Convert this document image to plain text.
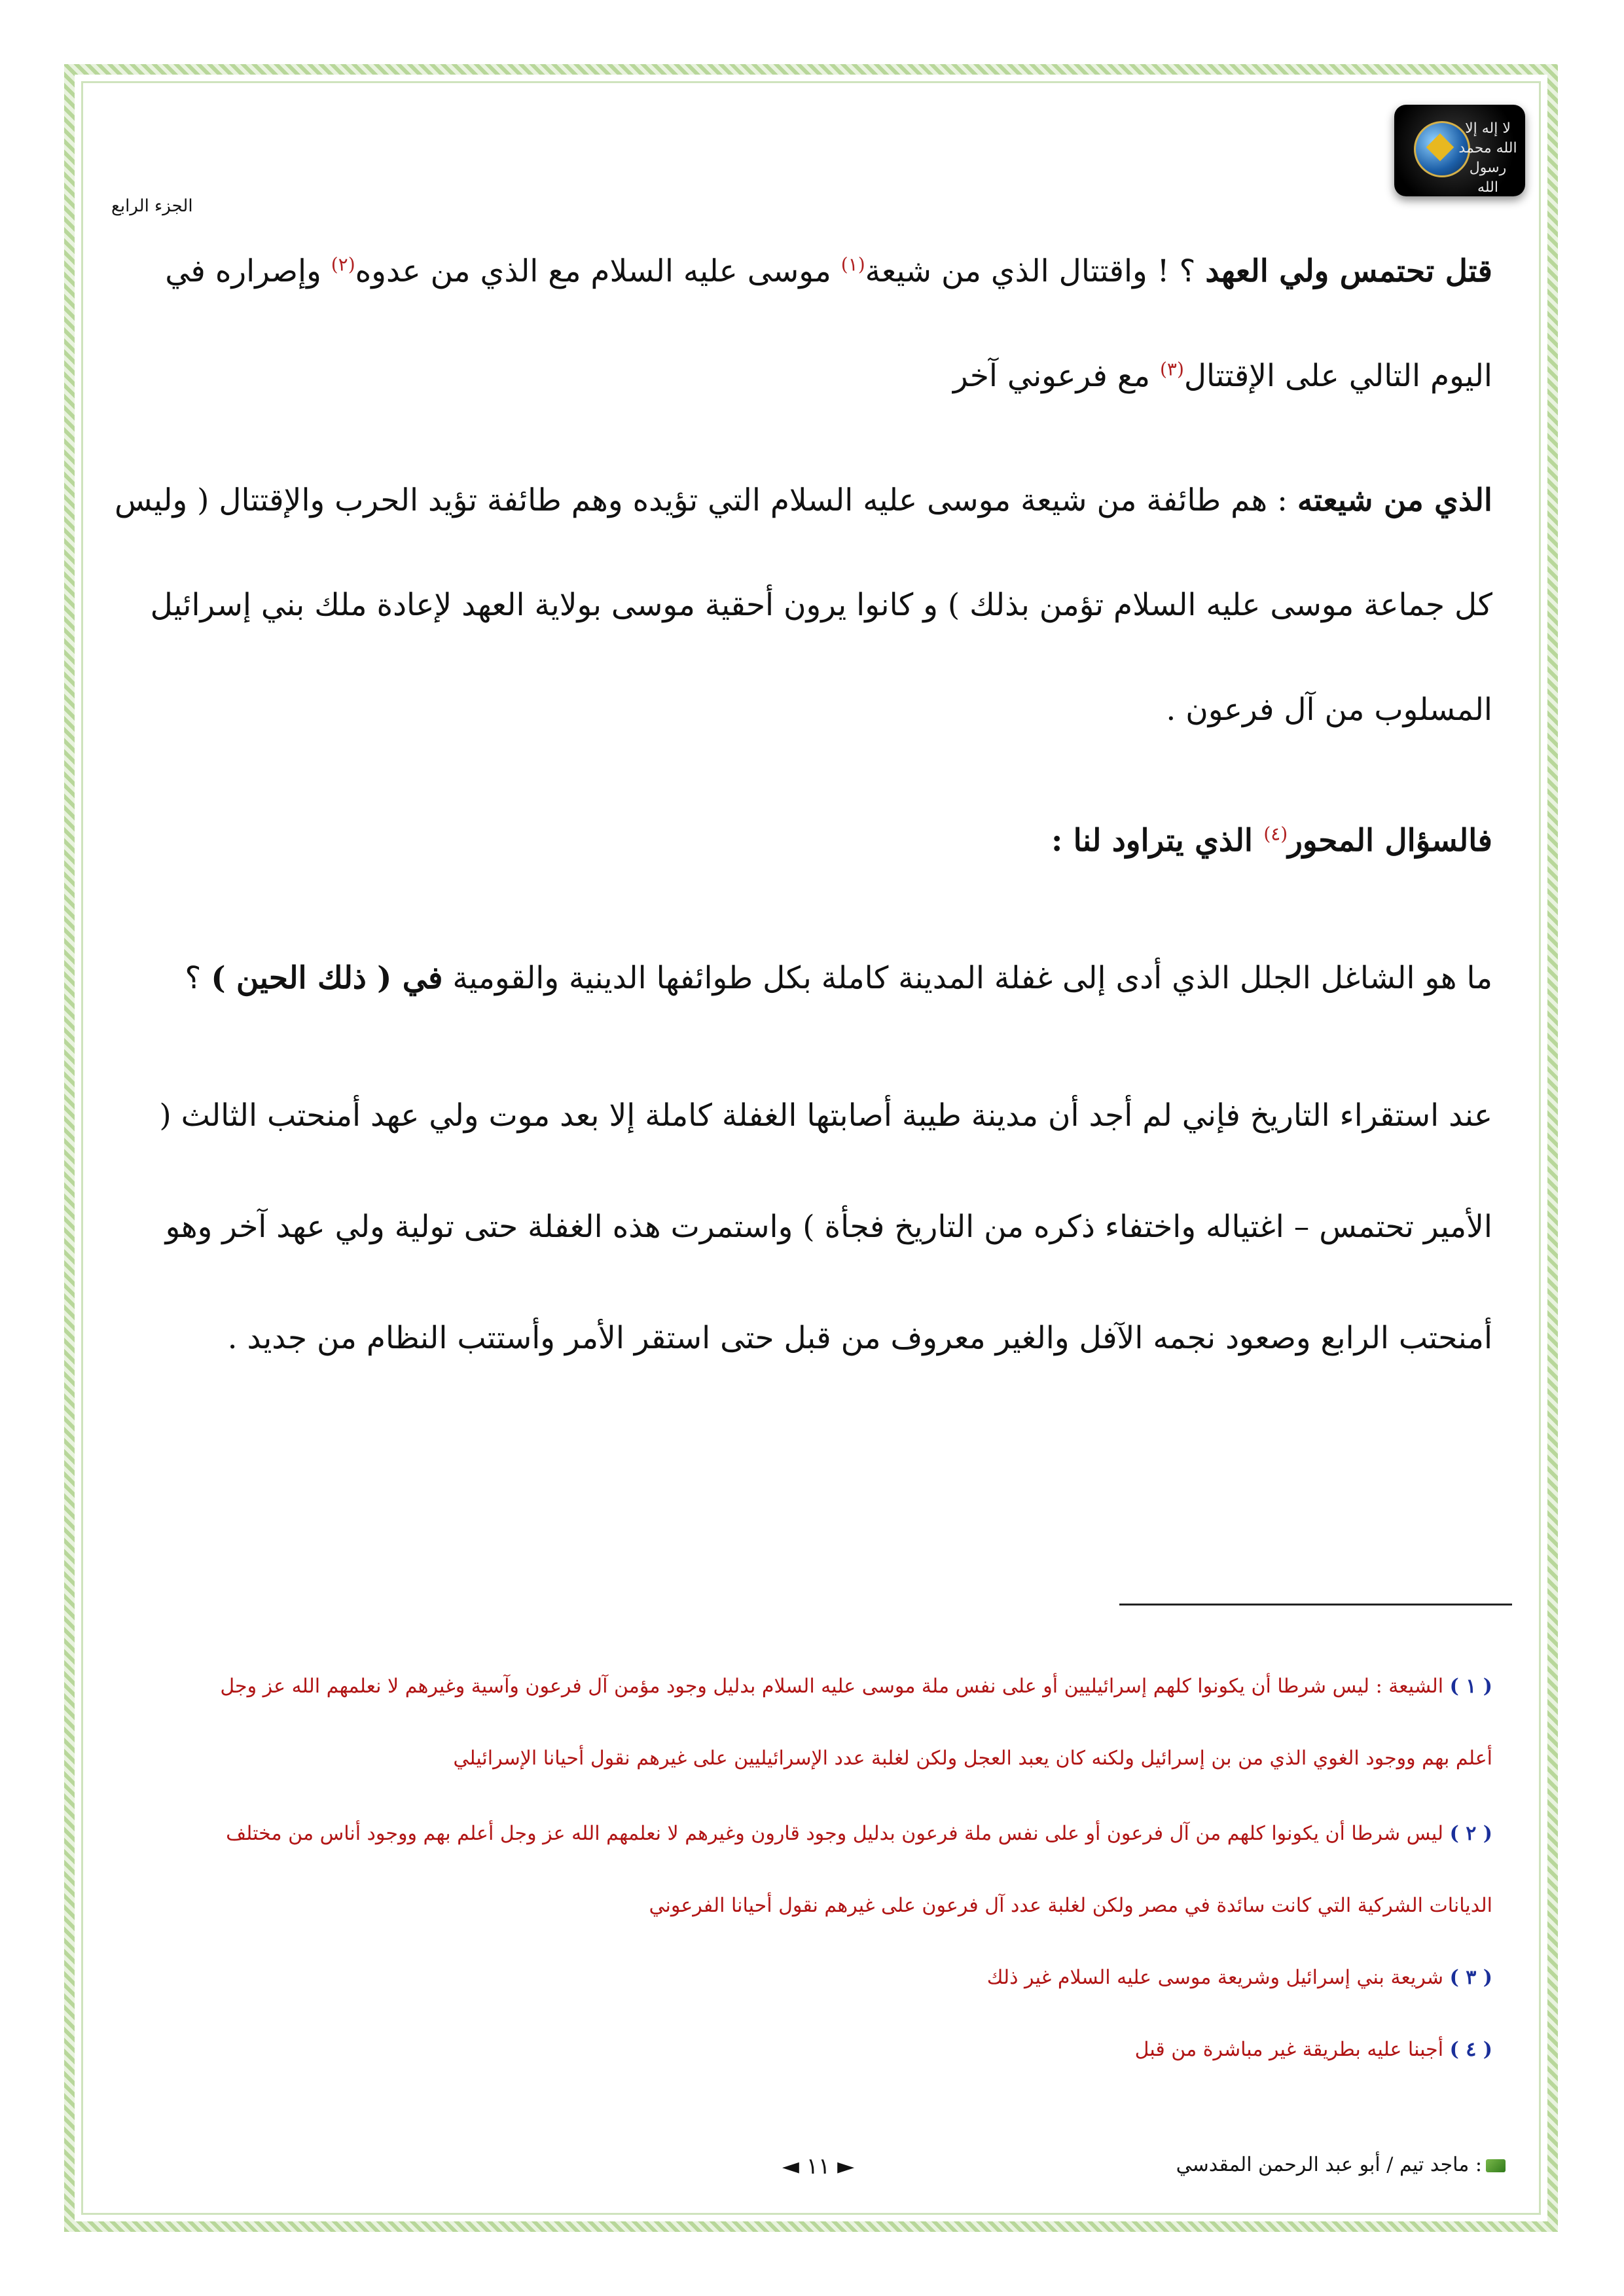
لا إله إلا الله محمد رسول الله
الجزء الرابع
قتل تحتمس ولي العهد ؟ ! واقتتال الذي من شيعة$^{(١)}$ موسى عليه السلام مع الذي من عدوه$^{(٢)}$ وإصراره في
اليوم التالي على الإقتتال$^{(٣)}$ مع فرعوني آخر
الذي من شيعته : هم طائفة من شيعة موسى عليه السلام التي تؤيده وهم طائفة تؤيد الحرب والإقتتال ( وليس
كل جماعة موسى عليه السلام تؤمن بذلك ) و كانوا يرون أحقية موسى بولاية العهد لإعادة ملك بني إسرائيل
المسلوب من آل فرعون .
فالسؤال المحور$^{(٤)}$ الذي يتراود لنا :
ما هو الشاغل الجلل الذي أدى إلى غفلة المدينة كاملة بكل طوائفها الدينية والقومية في ( ذلك الحين ) ؟
عند استقراء التاريخ فإني لم أجد أن مدينة طيبة أصابتها الغفلة كاملة إلا بعد موت ولي عهد أمنحتب الثالث (
الأمير تحتمس – اغتياله واختفاء ذكره من التاريخ فجأة ) واستمرت هذه الغفلة حتى تولية ولي عهد آخر وهو
أمنحتب الرابع وصعود نجمه الآفل والغير معروف من قبل حتى استقر الأمر وأستتب النظام من جديد .
( ١ ) الشيعة : ليس شرطا أن يكونوا كلهم إسرائيليين أو على نفس ملة موسى عليه السلام بدليل وجود مؤمن آل فرعون وآسية وغيرهم لا نعلمهم الله عز وجل
أعلم بهم ووجود الغوي الذي من بن إسرائيل ولكنه كان يعبد العجل ولكن لغلبة عدد الإسرائيليين على غيرهم نقول أحيانا الإسرائيلي
( ٢ ) ليس شرطا أن يكونوا كلهم من آل فرعون أو على نفس ملة فرعون بدليل وجود قارون وغيرهم لا نعلمهم الله عز وجل أعلم بهم ووجود أناس من مختلف
الديانات الشركية التي كانت سائدة في مصر ولكن لغلبة عدد آل فرعون على غيرهم نقول أحيانا الفرعوني
( ٣ ) شريعة بني إسرائيل وشريعة موسى عليه السلام غير ذلك
( ٤ ) أجبنا عليه بطريقة غير مباشرة من قبل
◄ ١١ ►	: ماجد تيم / أبو عبد الرحمن المقدسي
